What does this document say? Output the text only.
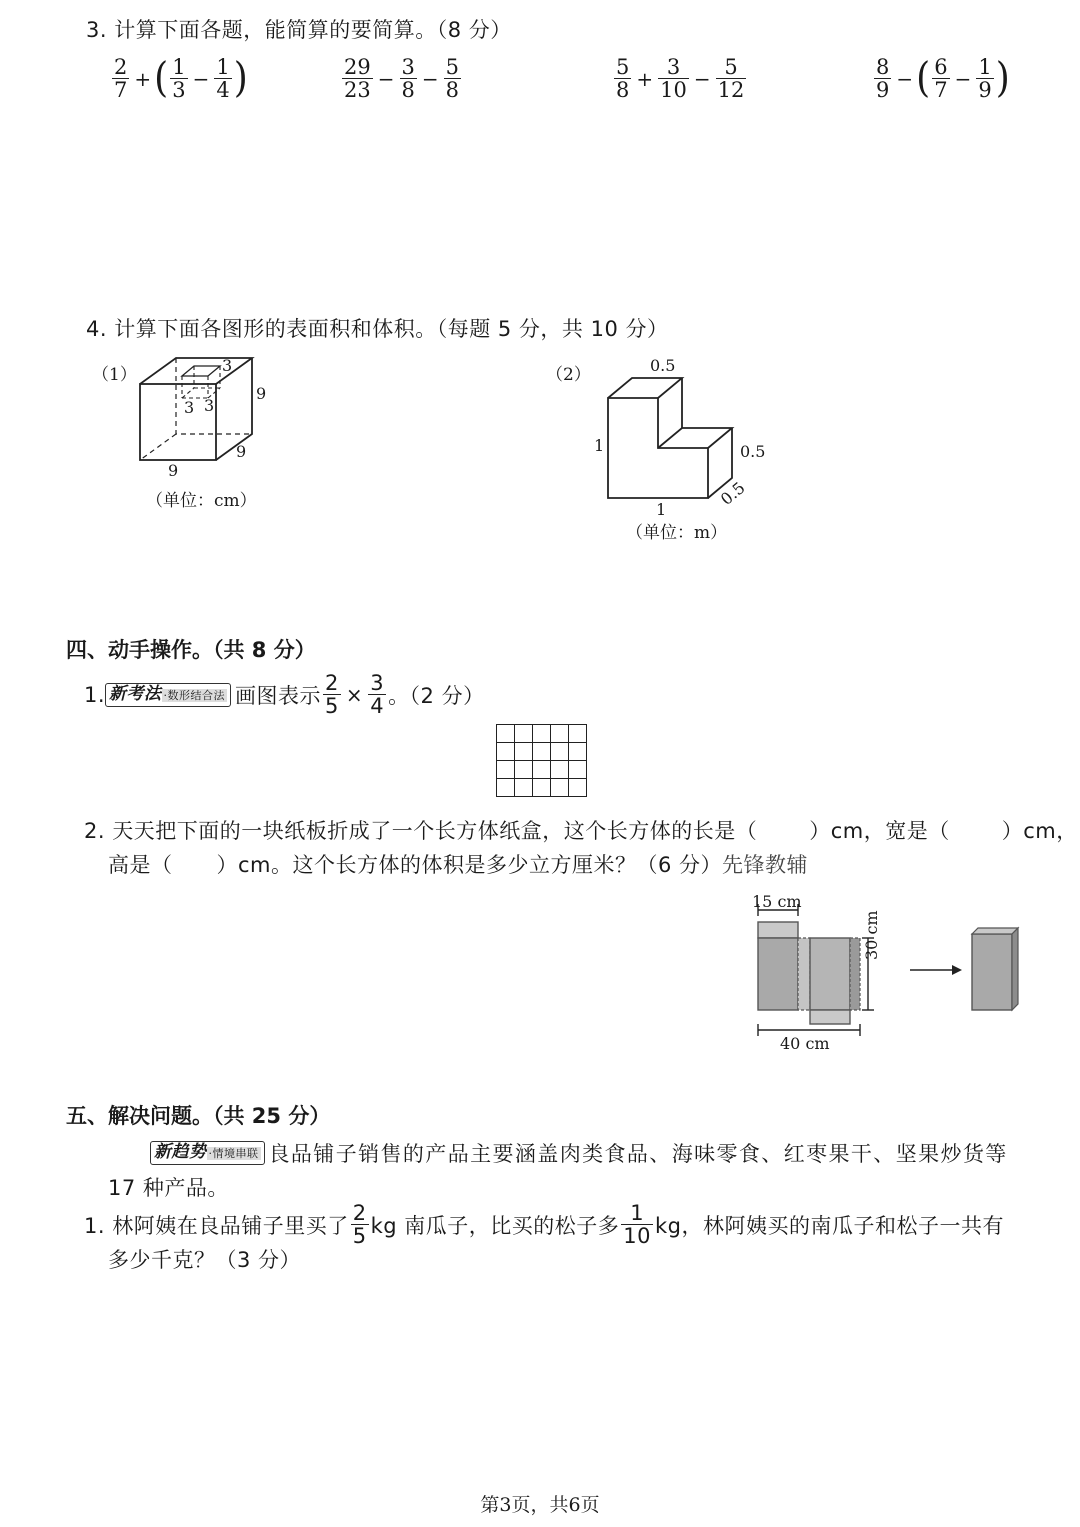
3. 计算下面各题，能简算的要简算。（8 分）
$\frac{2}{7}$ + ( $\frac{1}{3} - \frac{1}{4}$ )	$\frac{29}{23} - \frac{3}{8} - \frac{5}{8}$	$\frac{5}{8} + \frac{3}{10} - \frac{5}{12}$	$\frac{8}{9}$ − ( $\frac{6}{7} - \frac{1}{9}$ )
4. 计算下面各图形的表面积和体积。（每题 5 分，共 10 分）
（1）	3
3 3
9
9
9
（单位：cm）
（2）	0.5
1	0.5
0.5
1
（单位：m）
四、动手操作。（共 8 分）
1. 新考法 ·数形结合法 画图表示 $\frac{2}{5} \times \frac{3}{4}$ 。（2 分）

2. 天天把下面的一块纸板折成了一个长方体纸盒，这个长方体的长是（ ）cm，宽是（ ）cm，
高是（ ）cm。这个长方体的体积是多少立方厘米？（6 分）先锋教辅
15 cm
30 cm
40 cm
五、解决问题。（共 25 分）
新趋势 ·情境串联 良品铺子销售的产品主要涵盖肉类食品、海味零食、红枣果干、坚果炒货等
17 种产品。
1. 林阿姨在良品铺子里买了 $\frac{2}{5}$ kg 南瓜子，比买的松子多 $\frac{1}{10}$ kg，林阿姨买的南瓜子和松子一共有
多少千克？（3 分）
第3页，共6页
